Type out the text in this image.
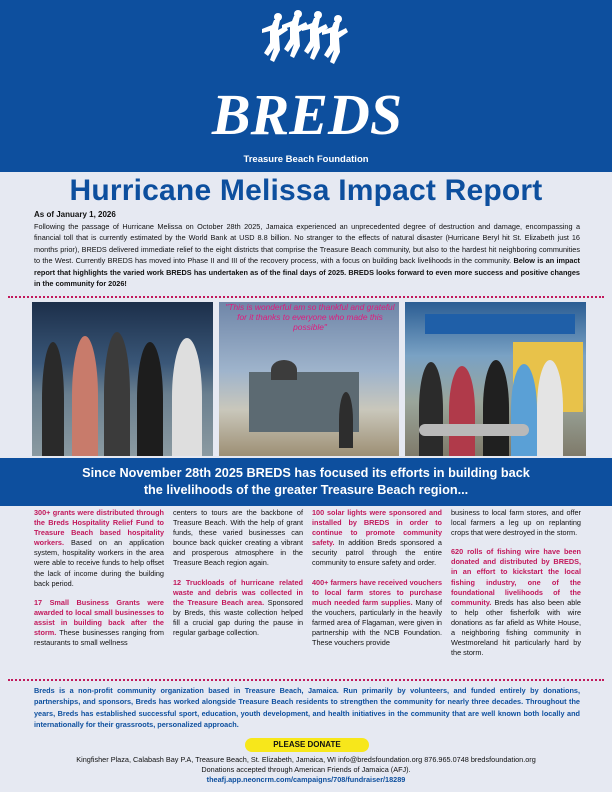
BREDS
Treasure Beach Foundation
Hurricane Melissa Impact Report
As of January 1, 2026
Following the passage of Hurricane Melissa on October 28th 2025, Jamaica experienced an unprecedented degree of destruction and damage, encompassing a financial toll that is currently estimated by the World Bank at USD 8.8 billion. No stranger to the effects of natural disaster (Hurricane Beryl hit St. Elizabeth just 16 months prior), BREDS delivered immediate relief to the eight districts that comprise the Treasure Beach community, but also to the hardest hit neighboring communities to the West. Currently BREDS has moved into Phase II and III of the recovery process, with a focus on building back livelihoods in the community. Below is an impact report that highlights the varied work BREDS has undertaken as of the final days of 2025. BREDS looks forward to even more success and positive changes in the community for 2026!
"This is wonderful am so thankful and grateful for it thanks to everyone who made this possible"
Since November 28th 2025 BREDS has focused its efforts in building back
the livelihoods of the greater Treasure Beach region...

300+ grants were distributed through the Breds Hospitality Relief Fund to Treasure Beach based hospitality workers. Based on an application system, hospitality workers in the area were able to receive funds to help offset the lack of income during the building back period.

17 Small Business Grants were awarded to local small businesses to assist in building back after the storm. These businesses ranging from restaurants to small wellness

centers to tours are the backbone of Treasure Beach. With the help of grant funds, these varied businesses can bounce back quicker creating a vibrant and prosperous atmosphere in the Treasure Beach region again.

12 Truckloads of hurricane related waste and debris was collected in the Treasure Beach area. Sponsored by Breds, this waste collection helped fill a crucial gap during the pause in regular garbage collection.

100 solar lights were sponsored and installed by BREDS in order to continue to promote community safety. In addition Breds sponsored a security patrol through the entire community to ensure safety and order.

400+ farmers have received vouchers to local farm stores to purchase much needed farm supplies. Many of the vouchers, particularly in the heavily farmed area of Flagaman, were given in partnership with the NCB Foundation. These vouchers provide

business to local farm stores, and offer local farmers a leg up on replanting crops that were destroyed in the storm.

620 rolls of fishing wire have been donated and distributed by BREDS, in an effort to kickstart the local fishing industry, one of the foundational livelihoods of the community. Breds has also been able to help other fisherfolk with wire donations as far afield as White House, a neighboring fishing community in Westmoreland hit particularly hard by the storm.

Breds is a non-profit community organization based in Treasure Beach, Jamaica. Run primarily by volunteers, and funded entirely by donations, partnerships, and sponsors, Breds has worked alongside Treasure Beach residents to strengthen the community for nearly three decades. Throughout the years, Breds has established successful sport, education, youth development, and health initiatives in the community that are well known both locally and internationally for their grassroots, personalized approach.
PLEASE DONATE
Kingfisher Plaza, Calabash Bay P.A, Treasure Beach, St. Elizabeth, Jamaica, WI info@bredsfoundation.org 876.965.0748 bredsfoundation.org
Donations accepted through American Friends of Jamaica (AFJ).
theafj.app.neoncrm.com/campaigns/708/fundraiser/18289
